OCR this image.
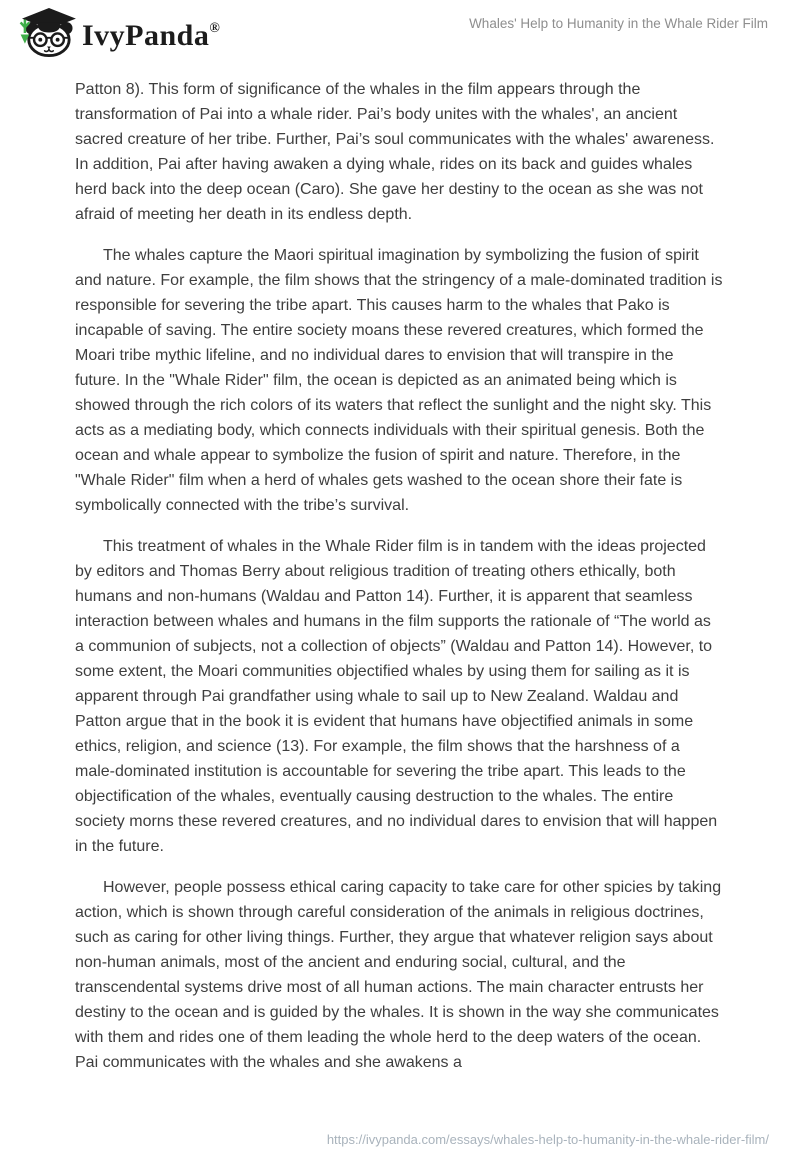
IvyPanda®	Whales' Help to Humanity in the Whale Rider Film

Patton 8). This form of significance of the whales in the film appears through the transformation of Pai into a whale rider. Pai’s body unites with the whales', an ancient sacred creature of her tribe. Further, Pai’s soul communicates with the whales' awareness. In addition, Pai after having awaken a dying whale, rides on its back and guides whales herd back into the deep ocean (Caro). She gave her destiny to the ocean as she was not afraid of meeting her death in its endless depth.

The whales capture the Maori spiritual imagination by symbolizing the fusion of spirit and nature. For example, the film shows that the stringency of a male-dominated tradition is responsible for severing the tribe apart. This causes harm to the whales that Pako is incapable of saving. The entire society moans these revered creatures, which formed the Moari tribe mythic lifeline, and no individual dares to envision that will transpire in the future. In the "Whale Rider" film, the ocean is depicted as an animated being which is showed through the rich colors of its waters that reflect the sunlight and the night sky. This acts as a mediating body, which connects individuals with their spiritual genesis. Both the ocean and whale appear to symbolize the fusion of spirit and nature. Therefore, in the "Whale Rider" film when a herd of whales gets washed to the ocean shore their fate is symbolically connected with the tribe’s survival.

This treatment of whales in the Whale Rider film is in tandem with the ideas projected by editors and Thomas Berry about religious tradition of treating others ethically, both humans and non-humans (Waldau and Patton 14). Further, it is apparent that seamless interaction between whales and humans in the film supports the rationale of “The world as a communion of subjects, not a collection of objects” (Waldau and Patton 14). However, to some extent, the Moari communities objectified whales by using them for sailing as it is apparent through Pai grandfather using whale to sail up to New Zealand. Waldau and Patton argue that in the book it is evident that humans have objectified animals in some ethics, religion, and science (13). For example, the film shows that the harshness of a male-dominated institution is accountable for severing the tribe apart. This leads to the objectification of the whales, eventually causing destruction to the whales. The entire society morns these revered creatures, and no individual dares to envision that will happen in the future.

However, people possess ethical caring capacity to take care for other spicies by taking action, which is shown through careful consideration of the animals in religious doctrines, such as caring for other living things. Further, they argue that whatever religion says about non-human animals, most of the ancient and enduring social, cultural, and the transcendental systems drive most of all human actions. The main character entrusts her destiny to the ocean and is guided by the whales. It is shown in the way she communicates with them and rides one of them leading the whole herd to the deep waters of the ocean. Pai communicates with the whales and she awakens a

https://ivypanda.com/essays/whales-help-to-humanity-in-the-whale-rider-film/
